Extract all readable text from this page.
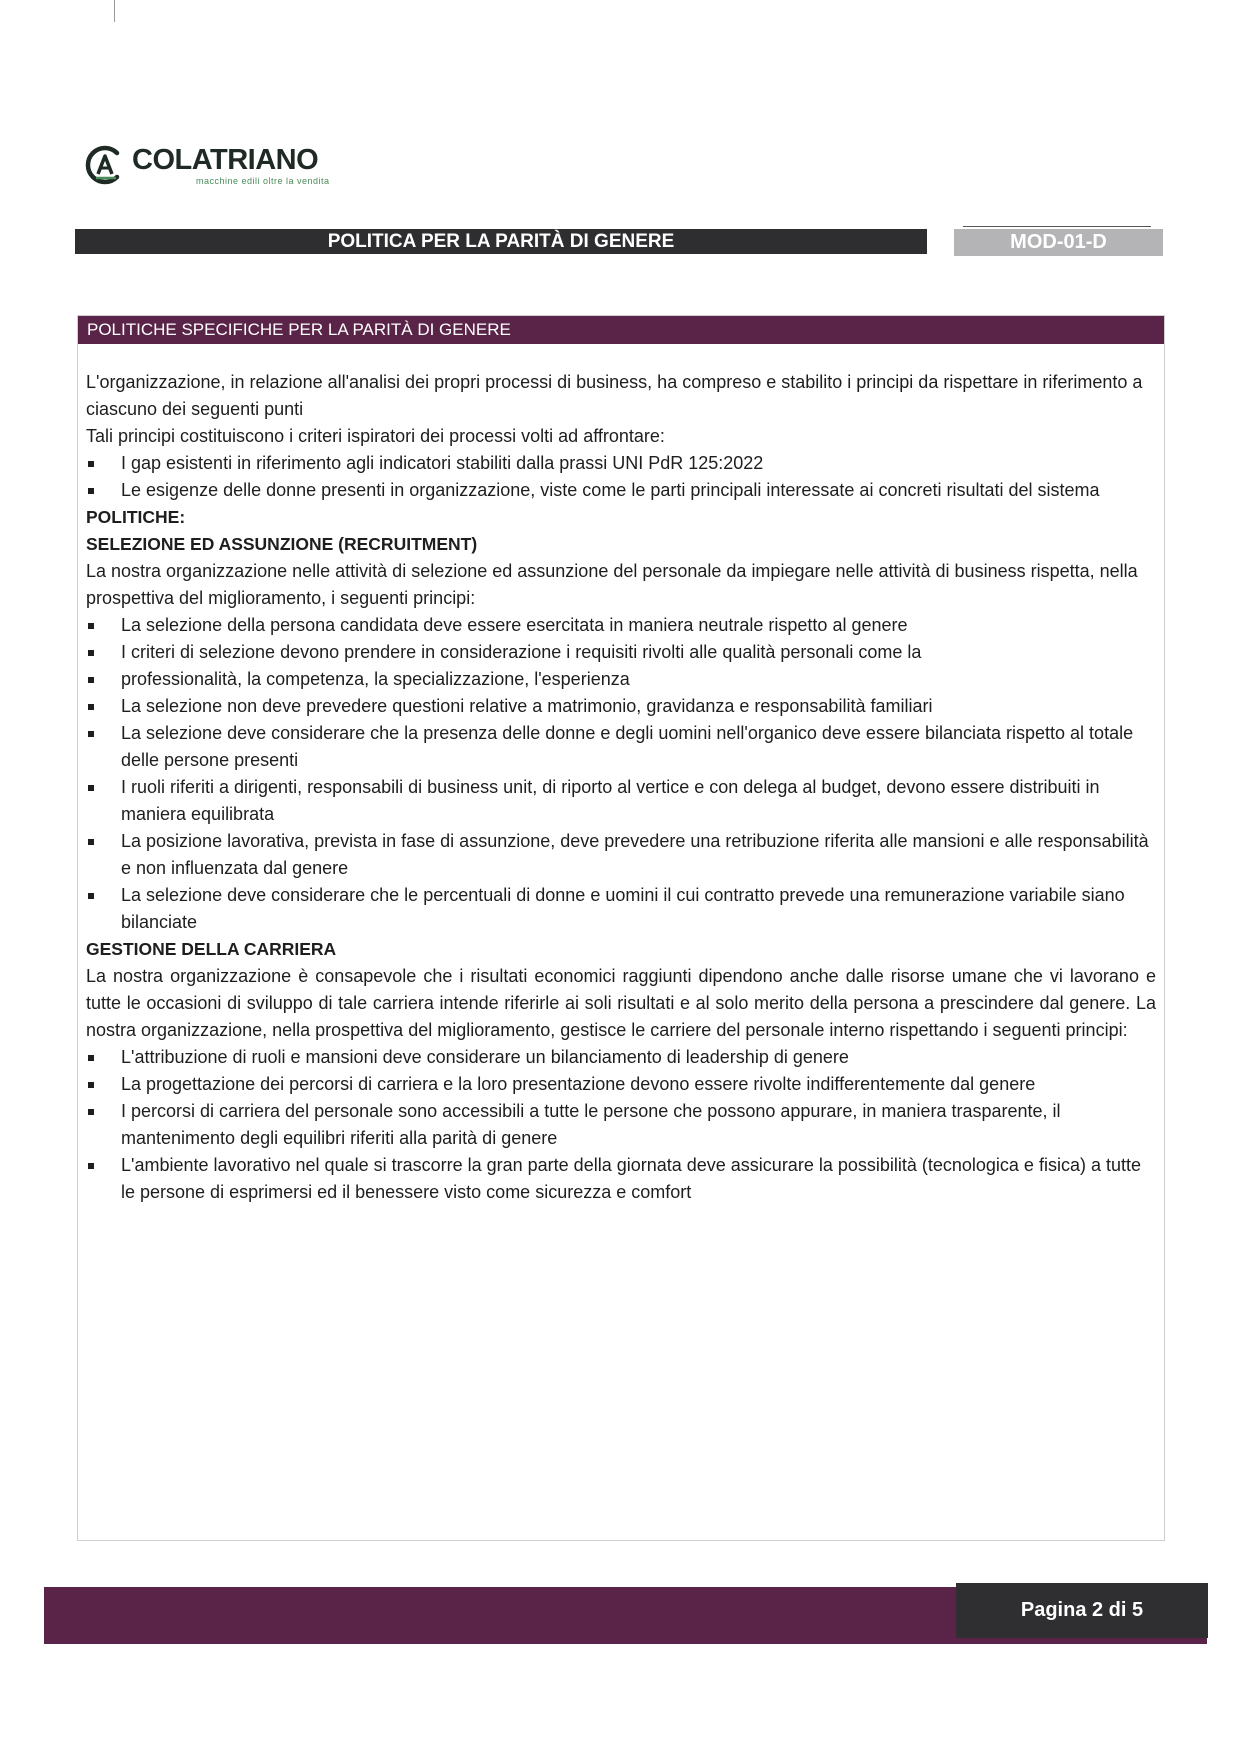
COLATRIANO
macchine edili oltre la vendita
POLITICA PER LA PARITÀ DI GENERE	MOD-01-D
POLITICHE SPECIFICHE PER LA PARITÀ DI GENERE

L'organizzazione, in relazione all'analisi dei propri processi di business, ha compreso e stabilito i principi da rispettare in riferimento a ciascuno dei seguenti punti

Tali principi costituiscono i criteri ispiratori dei processi volti ad affrontare:

I gap esistenti in riferimento agli indicatori stabiliti dalla prassi UNI PdR 125:2022
Le esigenze delle donne presenti in organizzazione, viste come le parti principali interessate ai concreti risultati del sistema

POLITICHE:

SELEZIONE ED ASSUNZIONE (RECRUITMENT)

La nostra organizzazione nelle attività di selezione ed assunzione del personale da impiegare nelle attività di business rispetta, nella prospettiva del miglioramento, i seguenti principi:

La selezione della persona candidata deve essere esercitata in maniera neutrale rispetto al genere
I criteri di selezione devono prendere in considerazione i requisiti rivolti alle qualità personali come la
professionalità, la competenza, la specializzazione, l'esperienza
La selezione non deve prevedere questioni relative a matrimonio, gravidanza e responsabilità familiari
La selezione deve considerare che la presenza delle donne e degli uomini nell'organico deve essere bilanciata rispetto al totale delle persone presenti
I ruoli riferiti a dirigenti, responsabili di business unit, di riporto al vertice e con delega al budget, devono essere distribuiti in maniera equilibrata
La posizione lavorativa, prevista in fase di assunzione, deve prevedere una retribuzione riferita alle mansioni e alle responsabilità e non influenzata dal genere
La selezione deve considerare che le percentuali di donne e uomini il cui contratto prevede una remunerazione variabile siano bilanciate

GESTIONE DELLA CARRIERA

La nostra organizzazione è consapevole che i risultati economici raggiunti dipendono anche dalle risorse umane che vi lavorano e tutte le occasioni di sviluppo di tale carriera intende riferirle ai soli risultati e al solo merito della persona a prescindere dal genere. La nostra organizzazione, nella prospettiva del miglioramento, gestisce le carriere del personale interno rispettando i seguenti principi:

L'attribuzione di ruoli e mansioni deve considerare un bilanciamento di leadership di genere
La progettazione dei percorsi di carriera e la loro presentazione devono essere rivolte indifferentemente dal genere
I percorsi di carriera del personale sono accessibili a tutte le persone che possono appurare, in maniera trasparente, il mantenimento degli equilibri riferiti alla parità di genere
L'ambiente lavorativo nel quale si trascorre la gran parte della giornata deve assicurare la possibilità (tecnologica e fisica) a tutte le persone di esprimersi ed il benessere visto come sicurezza e comfort
Pagina 2 di 5
